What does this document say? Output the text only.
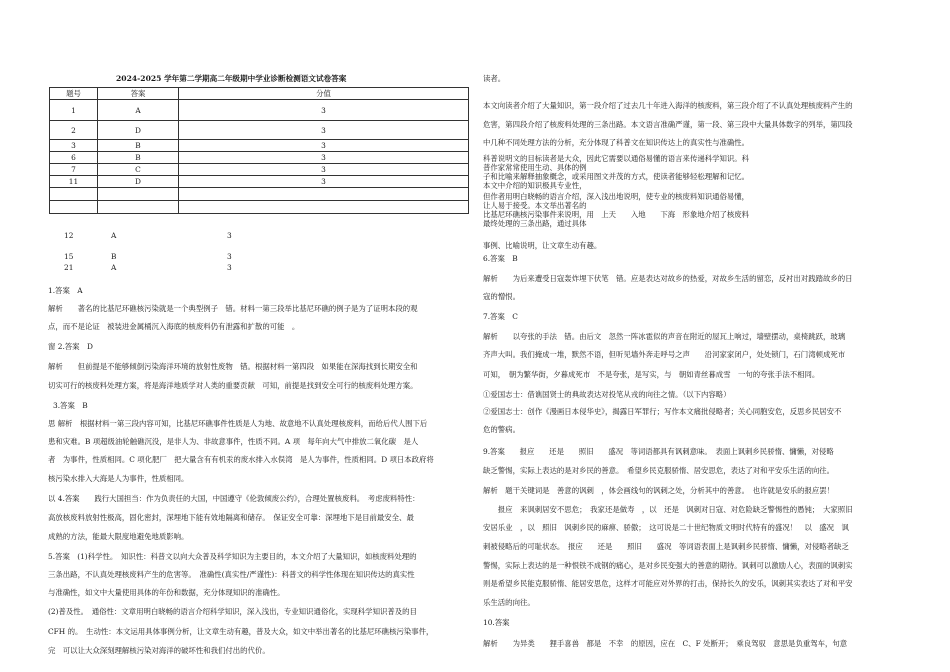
2024-2025 学年第二学期高二年级期中学业诊断检测语文试卷答案
题号	答案	分值
1	A	3
2	D	3
3	B	3
6	B	3
7	C	3
11	D	3

12	A	3
15	B	3
21	A	3
1.答案　A
解析　　著名的比基尼环礁核污染就是一个典型例子　错。材料一第三段举比基尼环礁的例子是为了证明本段的观
点，而不是论证　被装进金属桶沉入海底的核废料仍有泄露和扩散的可能　。
窗 2.答案　D
解析　　但前提是不能够倾倒污染海洋环境的放射性废物　错。根据材料一第四段　如果能在深海找到长期安全和
切实可行的核废料处理方案，将是海洋地质学对人类的重要贡献　可知，前提是找到安全可行的核废料处理方案。
3.答案　B
思 解析　根据材料一第三段内容可知，比基尼环礁事件性质是人为地、故意地不认真处理核废料，而给后代人围下后
患和灾难。B 项超级油轮触礁沉没，是非人为、非故意事件，性质不同。A 项　每年向大气中排放二氧化碳　是人
者　为事件，性质相同。C 项化肥厂　把大量含有有机汞的废水排入水俣湾　是人为事件，性质相同。D 项日本政府将
核污染水排入大海是人为事件，性质相同。
以 4.答案　　践行大国担当：作为负责任的大国，中国遵守《伦敦倾废公约》，合理处置核废料。　考虑废料特性：
高放核废料放射性极高，固化密封，深埋地下能有效地隔离和储存。　保证安全可靠：深埋地下是目前最安全、最
成熟的方法，能最大限度地避免地质影响。
5.答案　(1)科学性。　知识性：科普文以向大众普及科学知识为主要目的，本文介绍了大量知识，如核废料处理的
三条出路，不认真处理核废料产生的危害等。　准确性(真实性/严谨性)：科普文的科学性体现在知识传达的真实性
与准确性，如文中大量使用具体的年份和数据，充分体现知识的准确性。
(2)普及性。　通俗性：文章用明白晓畅的语言介绍科学知识，深入浅出，专业知识通俗化，实现科学知识普及的目
CFH 的。　生动性：本文运用具体事例分析，让文章生动有趣，普及大众，如文中举出著名的比基尼环礁核污染事件，
完　可以让大众深刻理解核污染对海洋的破坏性和我们付出的代价。
读者。
本文向读者介绍了大量知识，第一段介绍了过去几十年进入海洋的核废料，第三段介绍了不认真处理核废料产生的
危害，第四段介绍了核废料处理的三条出路。本文语言准确严谨，第一段、第三段中大量具体数字的列举，第四段
中几种不同处理方法的分析，充分体现了科普文在知识传达上的真实性与准确性。
科普说明文的目标读者是大众，因此它需要以通俗易懂的语言来传递科学知识。科
普作家常常使用生动、具体的例
子和比喻来解释抽象概念，或采用图文并茂的方式，使读者能够轻松理解和记忆。
本文中介绍的知识极具专业性，
但作者用明白晓畅的语言介绍，深入浅出地说明，使专业的核废料知识通俗易懂，
让人易于接受。本文举出著名的
比基尼环礁核污染事件来说明，用　上天　　入地　　下海　形象地介绍了核废料
最终处理的三条出路，通过具体
事例、比喻说明，让文章生动有趣。
6.答案　B
解析　　为后来遭受日寇轰炸埋下伏笔　错。应是表达对故乡的热爱，对故乡生活的留恋，反衬出对践踏故乡的日
寇的憎恨。
7.答案　C
解析　　以夸张的手法　错。由后文　忽然一阵冰雹似的声音在附近的屋瓦上响过，墙壁摆动，桌椅跳跃，玻璃
齐声大叫。我们掩成一堆，默然不语，但听见墙外奔走呼号之声　　沿河家家闭户，处处锁门，石门湾顿成死市
可知，　朝为繁华街，夕暮成死市　不是夸张，是写实，与　朝如青丝暮成雪　一句的夸张手法不相同。
①爱国志士：借谯国贤士的典故表达对投笔从戎的向往之情。（以下内容略）
②爱国志士：创作《漫画日本侵华史》，揭露日军罪行；写作本文痛批侵略者；关心同胞安危，反思乡民居安不
危的警病。
9.答案　　报应　　还是　　照旧　　盛况　等词语都具有讽刺意味。　表面上讽刺乡民骄惰、慵懒，对侵略
缺乏警惕，实际上表达的是对乡民的善意。　希望乡民克服骄惰、居安思危，表达了对和平安乐生活的向往。
解析　题干关键词是　善意的讽刺　，体会画线句的讽刺之处，分析其中的善意。　也许就是安乐的报应罢！
　　报应　来讽刺居安不思危；　我家还是做寿　，以　还是　讽刺对日寇、对危险缺乏警惕性的愚钝；　大家照旧
安居乐业　，以　照旧　讽刺乡民的麻痹、骄傲；　这可说是二十世纪物质文明时代特有的盛况！　以　盛况　讽
刺被侵略后的可耻状态。　报应　　还是　　照旧　　盛况　等词语表面上是讽刺乡民骄惰、慵懒，对侵略者缺乏
警惕，实际上表达的是一种恨铁不成钢的痛心，是对乡民变强大的善意的期待。讽刺可以激励人心，表面的讽刺实
则是希望乡民能克服骄惰、能居安思危，这样才可能应对外界的打击，保持长久的安乐，讽刺其实表达了对和平安
乐生活的向往。
10.答案
解析　　为异类　　狸手喜兽　都是　不幸　的原因，应在　C、F 处断开；　乘良驾驭　意思是负重驾车，句意
